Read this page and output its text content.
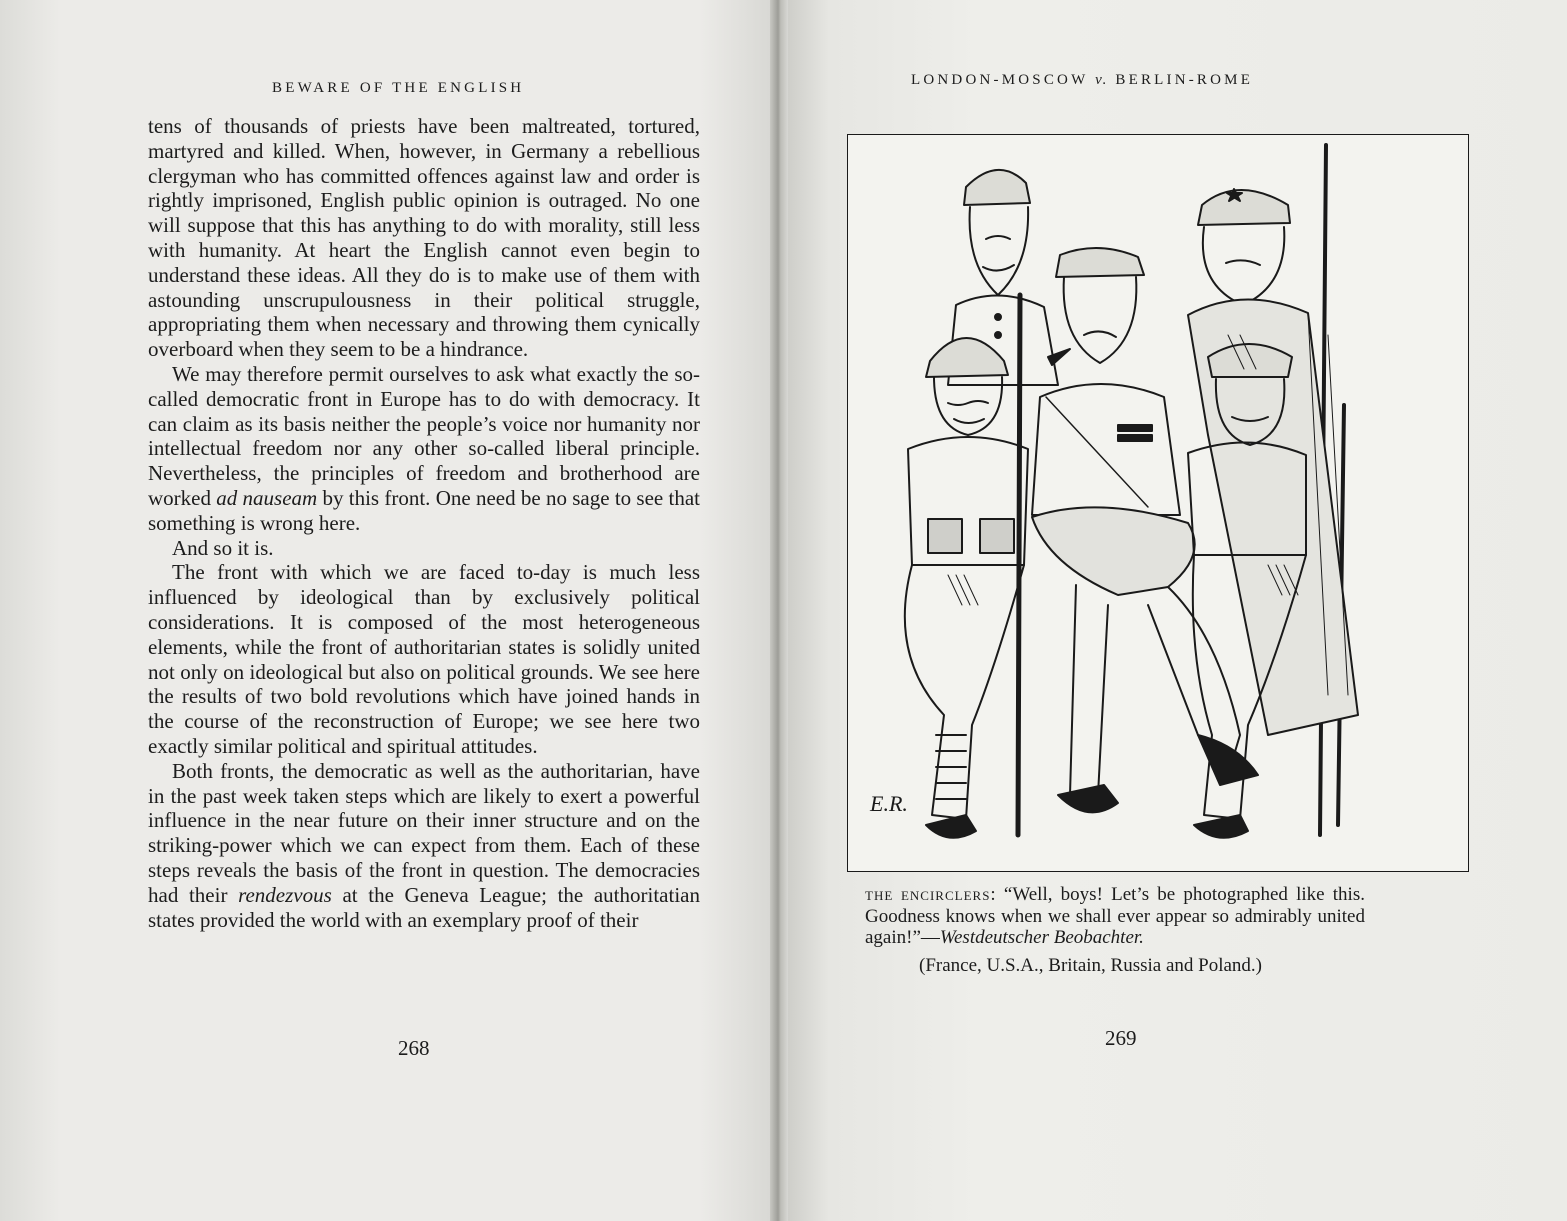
BEWARE OF THE ENGLISH

tens of thousands of priests have been maltreated, tortured, martyred and killed. When, however, in Germany a rebellious clergyman who has committed offences against law and order is rightly imprisoned, English public opinion is outraged. No one will suppose that this has anything to do with morality, still less with humanity. At heart the English cannot even begin to understand these ideas. All they do is to make use of them with astounding unscrupulousness in their political struggle, appropriating them when necessary and throwing them cynically overboard when they seem to be a hindrance.

We may therefore permit ourselves to ask what exactly the so-called democratic front in Europe has to do with democracy. It can claim as its basis neither the people’s voice nor humanity nor intellectual freedom nor any other so-called liberal principle. Nevertheless, the principles of freedom and brotherhood are worked ad nauseam by this front. One need be no sage to see that something is wrong here.

And so it is.

The front with which we are faced to-day is much less influenced by ideological than by exclusively political considerations. It is composed of the most heterogeneous elements, while the front of authoritarian states is solidly united not only on ideological but also on political grounds. We see here the results of two bold revolutions which have joined hands in the course of the reconstruction of Europe; we see here two exactly similar political and spiritual attitudes.

Both fronts, the democratic as well as the authoritarian, have in the past week taken steps which are likely to exert a powerful influence in the near future on their inner structure and on the striking-power which we can expect from them. Each of these steps reveals the basis of the front in question. The democracies had their rendezvous at the Geneva League; the authoritatian states provided the world with an exemplary proof of their

268
LONDON-MOSCOW v. BERLIN-ROME
E.R.
THE ENCIRCLERS: “Well, boys! Let’s be photographed like this. Goodness knows when we shall ever appear so admirably united again!”—Westdeutscher Beobachter.
(France, U.S.A., Britain, Russia and Poland.)
269
